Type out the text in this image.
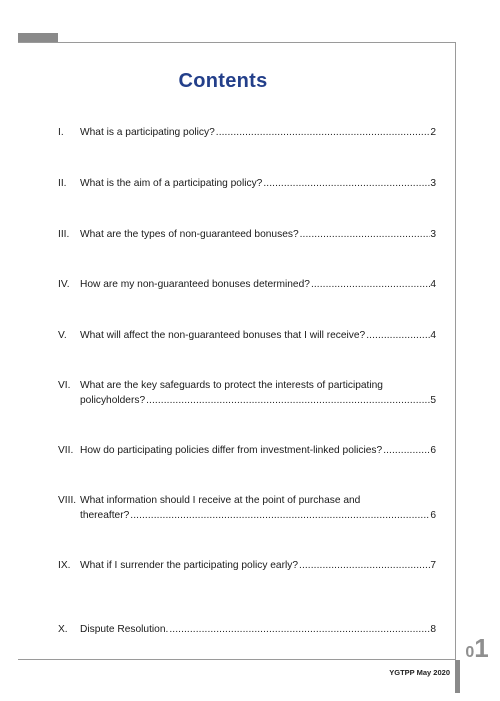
Contents
I. What is a participating policy? .....	2
II. What is the aim of a participating policy? .....	3
III. What are the types of non-guaranteed bonuses? .....	3
IV. How are my non-guaranteed bonuses determined? .....	4
V. What will affect the non-guaranteed bonuses that I will receive? .....	4
VI. What are the key safeguards to protect the interests of participating
policyholders? .....	5
VII. How do participating policies differ from investment-linked policies? .....	6
VIII. What information should I receive at the point of purchase and
thereafter? .....	6
IX. What if I surrender the participating policy early? .....	7
X. Dispute Resolution. .....	8
01
YGTPP May 2020
